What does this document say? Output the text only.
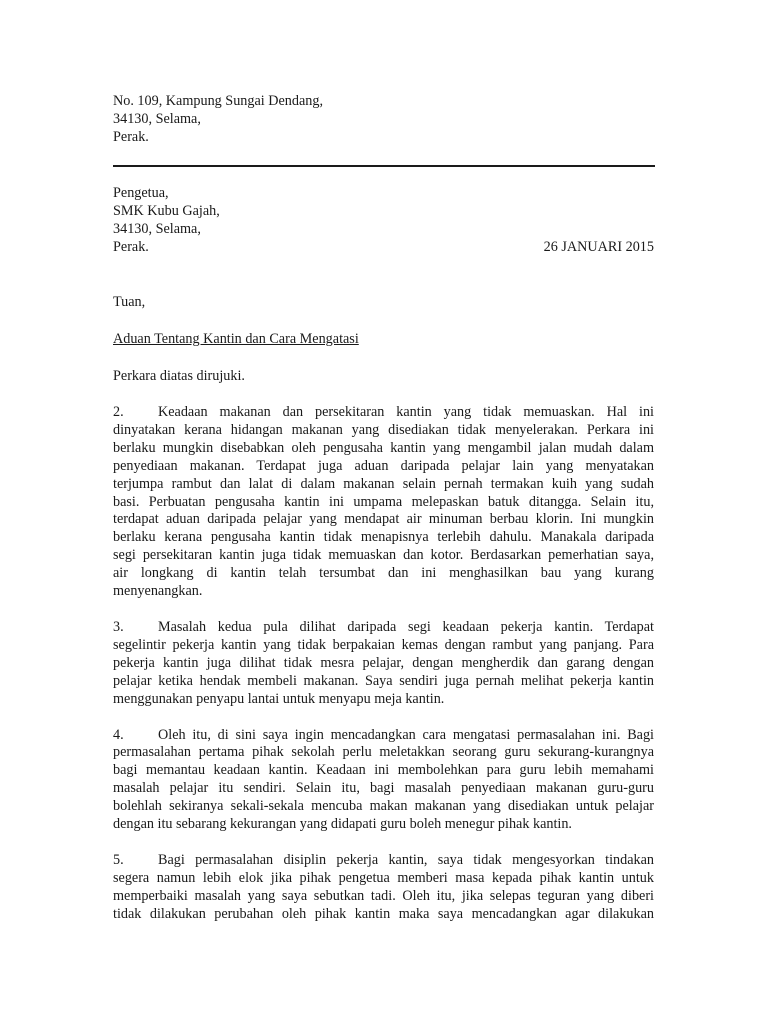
No. 109, Kampung Sungai Dendang,
34130, Selama,
Perak.
Pengetua,
SMK Kubu Gajah,
34130, Selama,
Perak.	26 JANUARI 2015
Tuan,
Aduan Tentang Kantin dan Cara Mengatasi
Perkara diatas dirujuki.
2. Keadaan makanan dan persekitaran kantin yang tidak memuaskan. Hal ini
dinyatakan kerana hidangan makanan yang disediakan tidak menyelerakan. Perkara ini
berlaku mungkin disebabkan oleh pengusaha kantin yang mengambil jalan mudah dalam
penyediaan makanan. Terdapat juga aduan daripada pelajar lain yang menyatakan
terjumpa rambut dan lalat di dalam makanan selain pernah termakan kuih yang sudah
basi. Perbuatan pengusaha kantin ini umpama melepaskan batuk ditangga. Selain itu,
terdapat aduan daripada pelajar yang mendapat air minuman berbau klorin. Ini mungkin
berlaku kerana pengusaha kantin tidak menapisnya terlebih dahulu. Manakala daripada
segi persekitaran kantin juga tidak memuaskan dan kotor. Berdasarkan pemerhatian saya,
air longkang di kantin telah tersumbat dan ini menghasilkan bau yang kurang
menyenangkan.
3. Masalah kedua pula dilihat daripada segi keadaan pekerja kantin. Terdapat
segelintir pekerja kantin yang tidak berpakaian kemas dengan rambut yang panjang. Para
pekerja kantin juga dilihat tidak mesra pelajar, dengan mengherdik dan garang dengan
pelajar ketika hendak membeli makanan. Saya sendiri juga pernah melihat pekerja kantin
menggunakan penyapu lantai untuk menyapu meja kantin.
4. Oleh itu, di sini saya ingin mencadangkan cara mengatasi permasalahan ini. Bagi
permasalahan pertama pihak sekolah perlu meletakkan seorang guru sekurang-kurangnya
bagi memantau keadaan kantin. Keadaan ini membolehkan para guru lebih memahami
masalah pelajar itu sendiri. Selain itu, bagi masalah penyediaan makanan guru-guru
bolehlah sekiranya sekali-sekala mencuba makan makanan yang disediakan untuk pelajar
dengan itu sebarang kekurangan yang didapati guru boleh menegur pihak kantin.
5. Bagi permasalahan disiplin pekerja kantin, saya tidak mengesyorkan tindakan
segera namun lebih elok jika pihak pengetua memberi masa kepada pihak kantin untuk
memperbaiki masalah yang saya sebutkan tadi. Oleh itu, jika selepas teguran yang diberi
tidak dilakukan perubahan oleh pihak kantin maka saya mencadangkan agar dilakukan
